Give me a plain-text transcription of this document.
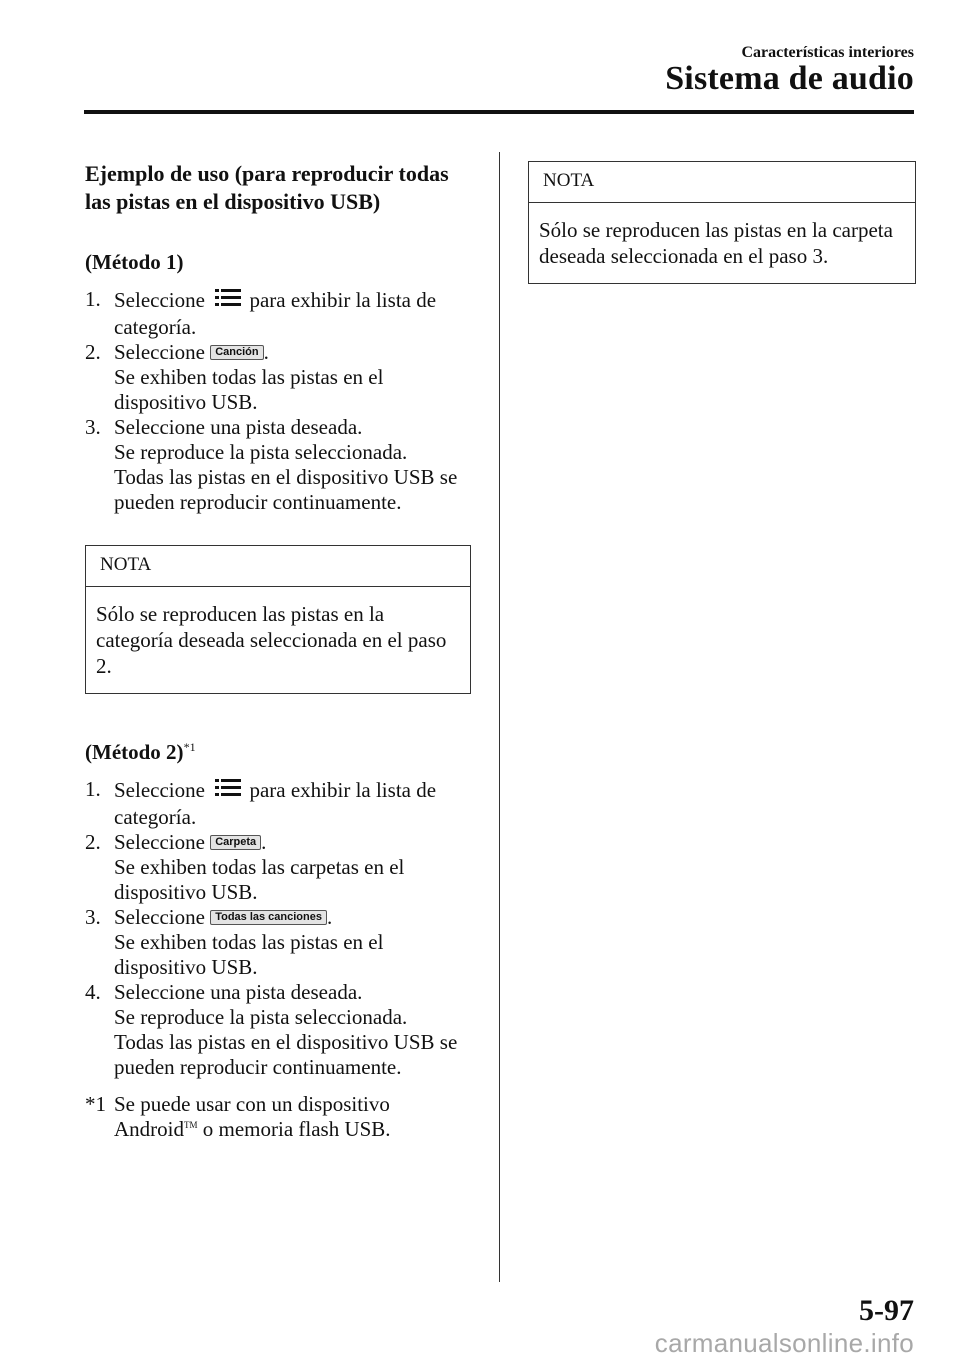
Características interiores
Sistema de audio

Ejemplo de uso (para reproducir todas las pistas en el dispositivo USB)

(Método 1)

1. Seleccione para exhibir la lista de categoría.
2. Seleccione Canción .
Se exhiben todas las pistas en el dispositivo USB.
3. Seleccione una pista deseada.
Se reproduce la pista seleccionada.
Todas las pistas en el dispositivo USB se pueden reproducir continuamente.
NOTA
Sólo se reproducen las pistas en la categoría deseada seleccionada en el paso 2.

(Método 2)$^{*1}$

1. Seleccione para exhibir la lista de categoría.
2. Seleccione Carpeta .
Se exhiben todas las carpetas en el dispositivo USB.
3. Seleccione Todas las canciones .
Se exhiben todas las pistas en el dispositivo USB.
4. Seleccione una pista deseada.
Se reproduce la pista seleccionada.
Todas las pistas en el dispositivo USB se pueden reproducir continuamente.
*1 Se puede usar con un dispositivo
Android™ o memoria flash USB.
NOTA
Sólo se reproducen las pistas en la carpeta deseada seleccionada en el paso 3.
5-97
carmanualsonline.info
